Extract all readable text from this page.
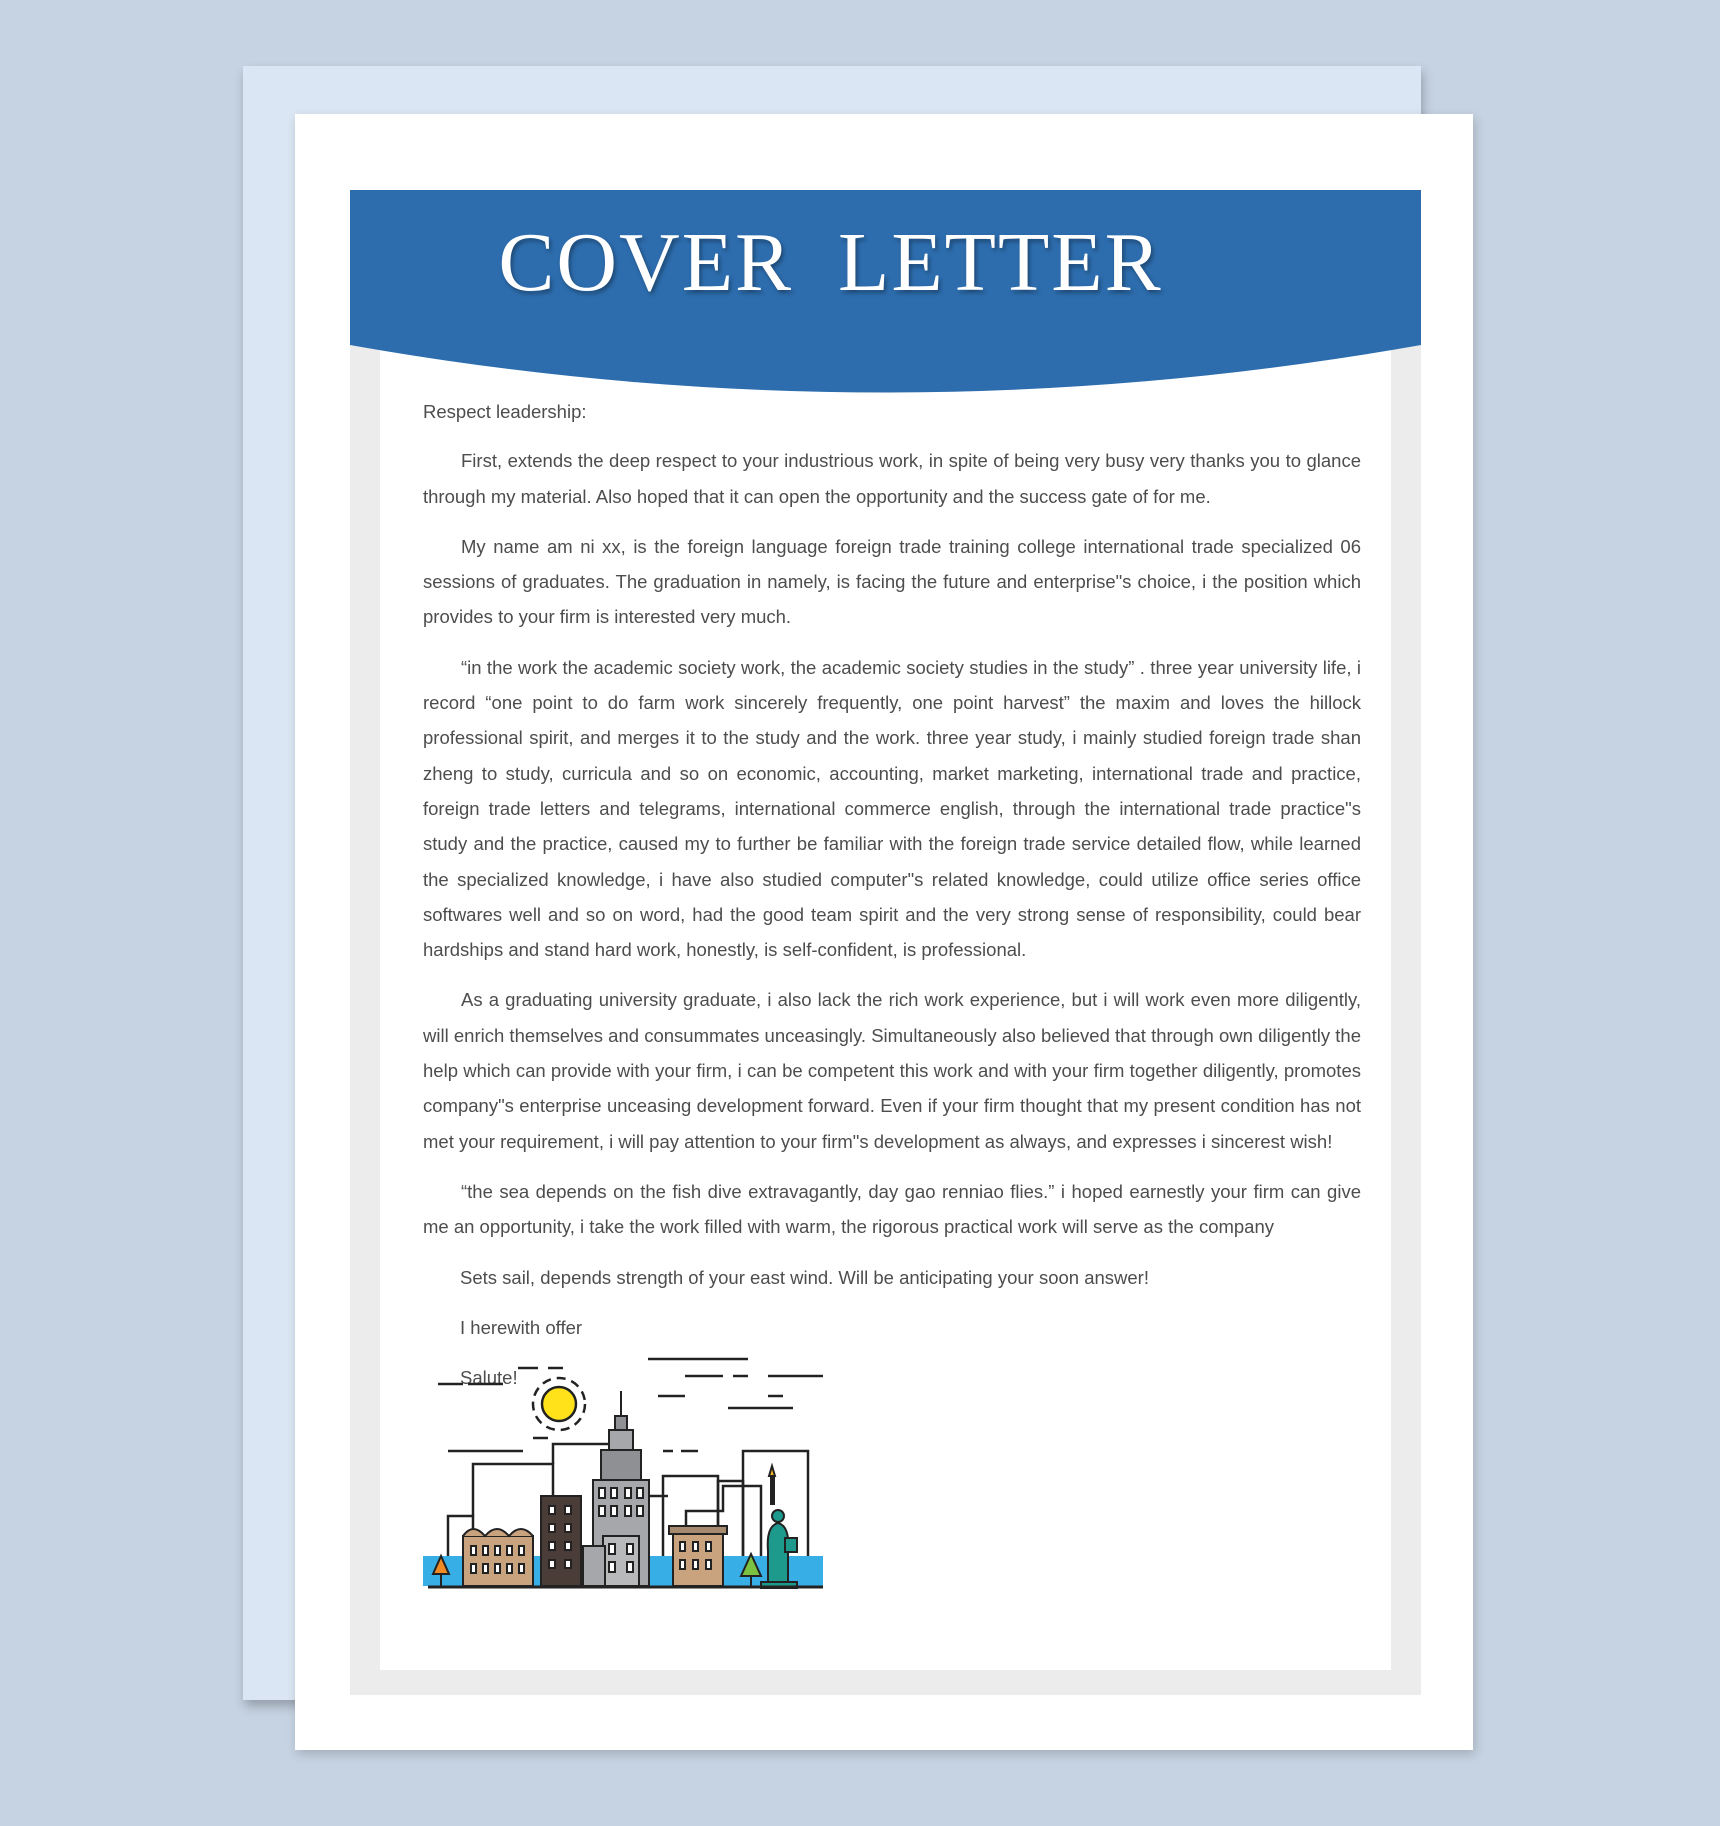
COVER LETTER

Respect leadership:

First, extends the deep respect to your industrious work, in spite of being very busy very thanks you to glance through my material. Also hoped that it can open the opportunity and the success gate of for me.

My name am ni xx, is the foreign language foreign trade training college international trade specialized 06 sessions of graduates. The graduation in namely, is facing the future and enterprise"s choice, i the position which provides to your firm is interested very much.

“in the work the academic society work, the academic society studies in the study” . three year university life, i record “one point to do farm work sincerely frequently, one point harvest” the maxim and loves the hillock professional spirit, and merges it to the study and the work. three year study, i mainly studied foreign trade shan zheng to study, curricula and so on economic, accounting, market marketing, international trade and practice, foreign trade letters and telegrams, international commerce english, through the international trade practice"s study and the practice, caused my to further be familiar with the foreign trade service detailed flow, while learned the specialized knowledge, i have also studied computer"s related knowledge, could utilize office series office softwares well and so on word, had the good team spirit and the very strong sense of responsibility, could bear hardships and stand hard work, honestly, is self-confident, is professional.

As a graduating university graduate, i also lack the rich work experience, but i will work even more diligently, will enrich themselves and consummates unceasingly. Simultaneously also believed that through own diligently the help which can provide with your firm, i can be competent this work and with your firm together diligently, promotes company"s enterprise unceasing development forward. Even if your firm thought that my present condition has not met your requirement, i will pay attention to your firm"s development as always, and expresses i sincerest wish!

“the sea depends on the fish dive extravagantly, day gao renniao flies.” i hoped earnestly your firm can give me an opportunity, i take the work filled with warm, the rigorous practical work will serve as the company

Sets sail, depends strength of your east wind. Will be anticipating your soon answer!

I herewith offer

Salute!
